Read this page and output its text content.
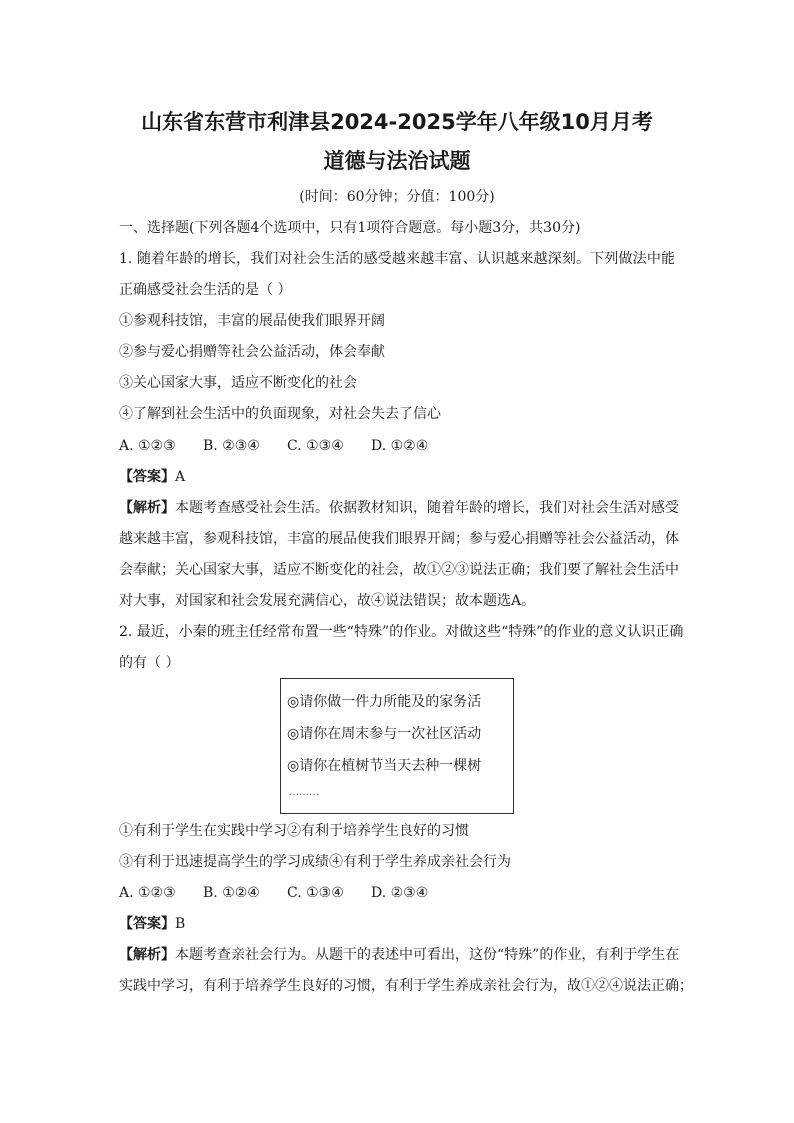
山东省东营市利津县2024-2025学年八年级10月月考
道德与法治试题
(时间：60分钟；分值：100分)
一、选择题(下列各题4个选项中，只有1项符合题意。每小题3分，共30分)
1. 随着年龄的增长，我们对社会生活的感受越来越丰富、认识越来越深刻。下列做法中能
正确感受社会生活的是（ ）
①参观科技馆，丰富的展品使我们眼界开阔
②参与爱心捐赠等社会公益活动，体会奉献
③关心国家大事，适应不断变化的社会
④了解到社会生活中的负面现象，对社会失去了信心
A. ①②③ B. ②③④ C. ①③④ D. ①②④
【答案】A
【解析】本题考查感受社会生活。依据教材知识，随着年龄的增长，我们对社会生活对感受
越来越丰富，参观科技馆，丰富的展品使我们眼界开阔；参与爱心捐赠等社会公益活动，体
会奉献；关心国家大事，适应不断变化的社会，故①②③说法正确；我们要了解社会生活中
对大事，对国家和社会发展充满信心，故④说法错误；故本题选A。
2. 最近，小秦的班主任经常布置一些“特殊”的作业。对做这些“特殊”的作业的意义认识正确
的有（ ）
◎请你做一件力所能及的家务活
◎请你在周末参与一次社区活动
◎请你在植树节当天去种一棵树
………
①有利于学生在实践中学习②有利于培养学生良好的习惯
③有利于迅速提高学生的学习成绩④有利于学生养成亲社会行为
A. ①②③ B. ①②④ C. ①③④ D. ②③④
【答案】B
【解析】本题考查亲社会行为。从题干的表述中可看出，这份“特殊”的作业，有利于学生在
实践中学习，有利于培养学生良好的习惯，有利于学生养成亲社会行为，故①②④说法正确；
